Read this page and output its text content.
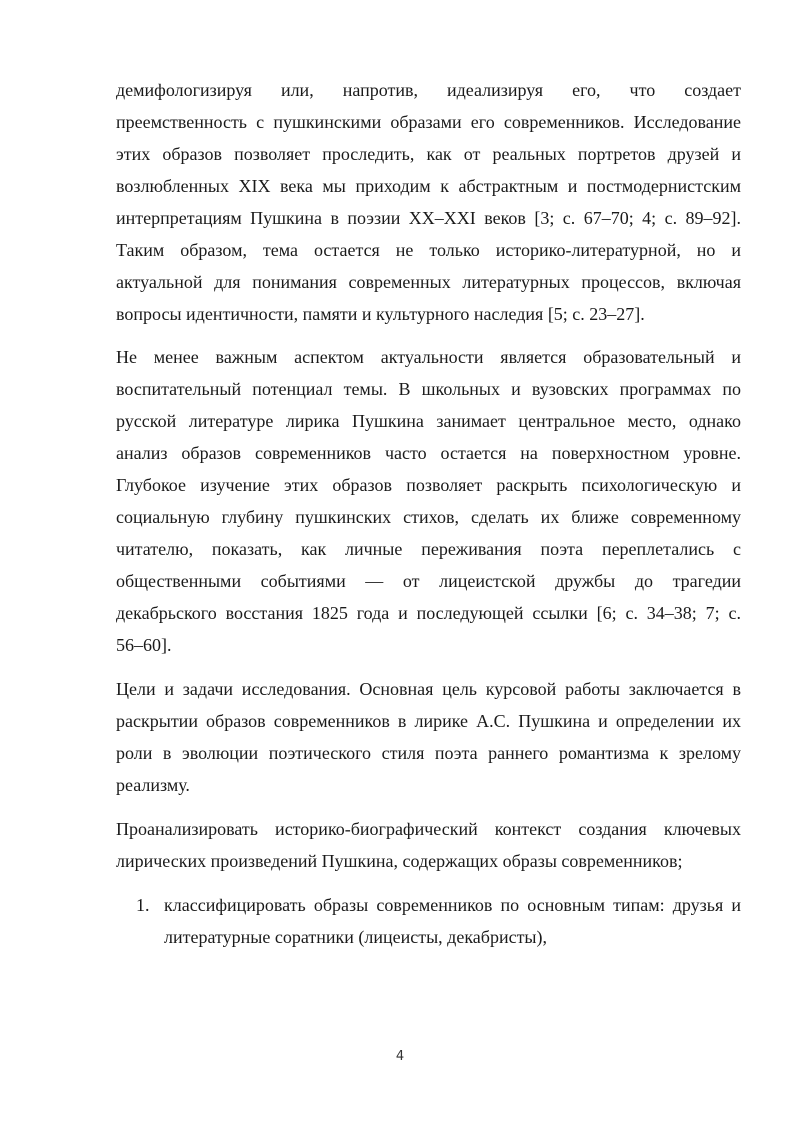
демифологизируя или, напротив, идеализируя его, что создает
преемственность с пушкинскими образами его современников. Исследование
этих образов позволяет проследить, как от реальных портретов друзей и
возлюбленных XIX века мы приходим к абстрактным и постмодернистским
интерпретациям Пушкина в поэзии XX–XXI веков [3; с. 67–70; 4; с. 89–92].
Таким образом, тема остается не только историко-литературной, но и
актуальной для понимания современных литературных процессов, включая
вопросы идентичности, памяти и культурного наследия [5; с. 23–27].
Не менее важным аспектом актуальности является образовательный и
воспитательный потенциал темы. В школьных и вузовских программах по
русской литературе лирика Пушкина занимает центральное место, однако
анализ образов современников часто остается на поверхностном уровне.
Глубокое изучение этих образов позволяет раскрыть психологическую и
социальную глубину пушкинских стихов, сделать их ближе современному
читателю, показать, как личные переживания поэта переплетались с
общественными событиями — от лицеистской дружбы до трагедии
декабрьского восстания 1825 года и последующей ссылки [6; с. 34–38; 7; с.
56–60].
Цели и задачи исследования. Основная цель курсовой работы заключается в
раскрытии образов современников в лирике А.С. Пушкина и определении их
роли в эволюции поэтического стиля поэта раннего романтизма к зрелому
реализму.
Проанализировать историко-биографический контекст создания ключевых
лирических произведений Пушкина, содержащих образы современников;
1. классифицировать образы современников по основным типам: друзья и
литературные соратники (лицеисты, декабристы),
4
